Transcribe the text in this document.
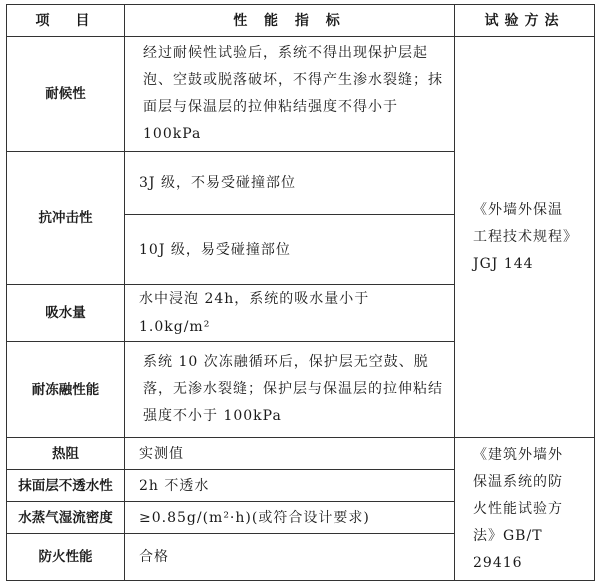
项　目	性 能 指 标	试验方法
耐候性	经过耐候性试验后，系统不得出现保护层起泡、空鼓或脱落破坏，不得产生渗水裂缝；抹面层与保温层的拉伸粘结强度不得小于100kPa	《外墙外保温工程技术规程》JGJ 144
抗冲击性	3J 级，不易受碰撞部位	
	10J 级，易受碰撞部位	
吸水量	水中浸泡 24h，系统的吸水量小于 1.0kg/m²	
耐冻融性能	系统 10 次冻融循环后，保护层无空鼓、脱落，无渗水裂缝；保护层与保温层的拉伸粘结强度不小于 100kPa	
热阻	实测值	《建筑外墙外保温系统的防火性能试验方法》GB/T 29416
抹面层不透水性	2h 不透水	
水蒸气湿流密度	≥0.85g/(m²·h)(或符合设计要求)	
防火性能	合格	
